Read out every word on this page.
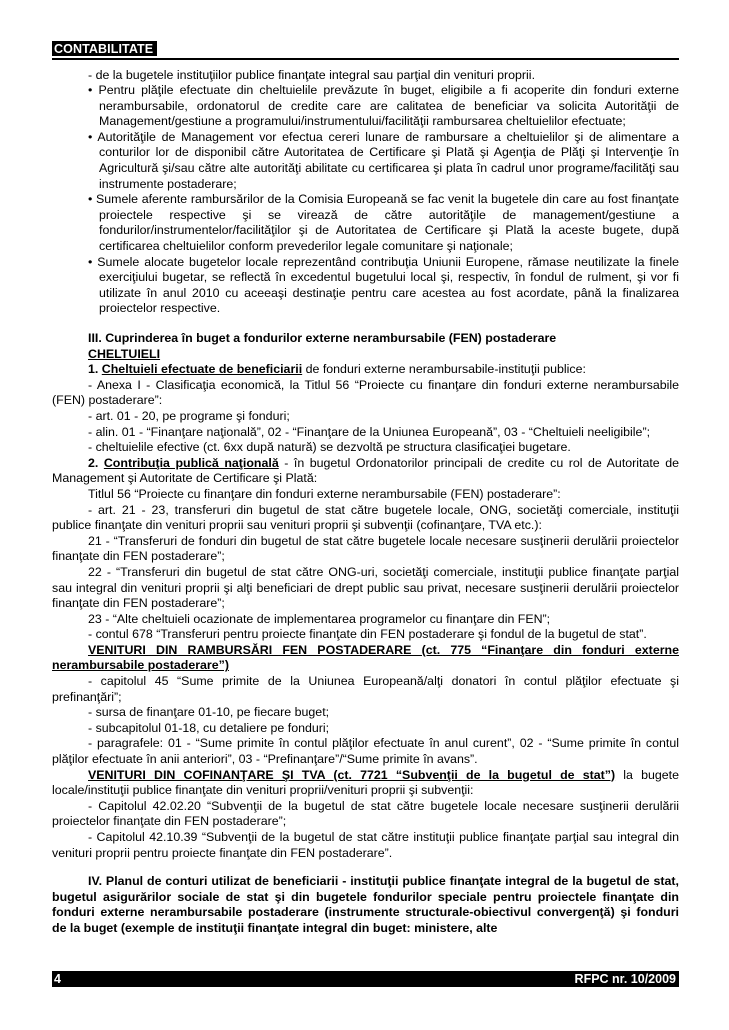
CONTABILITATE

- de la bugetele instituţiilor publice finanţate integral sau parţial din venituri proprii.

• Pentru plăţile efectuate din cheltuielile prevăzute în buget, eligibile a fi acoperite din fonduri externe nerambursabile, ordonatorul de credite care are calitatea de beneficiar va solicita Autorităţii de Management/gestiune a programului/instrumentului/facilităţii rambursarea cheltuielilor efectuate;

• Autorităţile de Management vor efectua cereri lunare de rambursare a cheltuielilor şi de alimentare a conturilor lor de disponibil către Autoritatea de Certificare şi Plată şi Agenţia de Plăţi şi Intervenţie în Agricultură şi/sau către alte autorităţi abilitate cu certificarea şi plata în cadrul unor programe/facilităţi sau instrumente postaderare;

• Sumele aferente rambursărilor de la Comisia Europeană se fac venit la bugetele din care au fost finanţate proiectele respective şi se virează de către autorităţile de management/gestiune a fondurilor/instrumentelor/facilităţilor şi de Autoritatea de Certificare şi Plată la aceste bugete, după certificarea cheltuielilor conform prevederilor legale comunitare şi naţionale;

• Sumele alocate bugetelor locale reprezentând contribuţia Uniunii Europene, rămase neutilizate la finele exerciţiului bugetar, se reflectă în excedentul bugetului local şi, respectiv, în fondul de rulment, şi vor fi utilizate în anul 2010 cu aceeaşi destinaţie pentru care acestea au fost acordate, până la finalizarea proiectelor respective.

III. Cuprinderea în buget a fondurilor externe nerambursabile (FEN) postaderare

CHELTUIELI

1. Cheltuieli efectuate de beneficiarii de fonduri externe nerambursabile-instituţii publice:

- Anexa I - Clasificaţia economică, la Titlul 56 “Proiecte cu finanţare din fonduri externe nerambursabile (FEN) postaderare”:

- art. 01 - 20, pe programe şi fonduri;

- alin. 01 - “Finanţare naţională”, 02 - “Finanţare de la Uniunea Europeană”, 03 - “Cheltuieli neeligibile”;

- cheltuielile efective (ct. 6xx după natură) se dezvoltă pe structura clasificaţiei bugetare.

2. Contribuţia publică naţională - în bugetul Ordonatorilor principali de credite cu rol de Autoritate de Management şi Autoritate de Certificare şi Plată:

Titlul 56 “Proiecte cu finanţare din fonduri externe nerambursabile (FEN) postaderare”:

- art. 21 - 23, transferuri din bugetul de stat către bugetele locale, ONG, societăţi comerciale, instituţii publice finanţate din venituri proprii sau venituri proprii şi subvenţii (cofinanţare, TVA etc.):

21 - “Transferuri de fonduri din bugetul de stat către bugetele locale necesare susţinerii derulării proiectelor finanţate din FEN postaderare”;

22 - “Transferuri din bugetul de stat către ONG-uri, societăţi comerciale, instituţii publice finanţate parţial sau integral din venituri proprii şi alţi beneficiari de drept public sau privat, necesare susţinerii derulării proiectelor finanţate din FEN postaderare”;

23 - “Alte cheltuieli ocazionate de implementarea programelor cu finanţare din FEN”;

- contul 678 “Transferuri pentru proiecte finanţate din FEN postaderare şi fondul de la bugetul de stat”.

VENITURI DIN RAMBURSĂRI FEN POSTADERARE (ct. 775 “Finanţare din fonduri externe nerambursabile postaderare”)

- capitolul 45 “Sume primite de la Uniunea Europeană/alţi donatori în contul plăţilor efectuate şi prefinanţări”;

- sursa de finanţare 01-10, pe fiecare buget;

- subcapitolul 01-18, cu detaliere pe fonduri;

- paragrafele: 01 - “Sume primite în contul plăţilor efectuate în anul curent”, 02 - “Sume primite în contul plăţilor efectuate în anii anteriori”, 03 - “Prefinanţare”/“Sume primite în avans”.

VENITURI DIN COFINANŢARE ŞI TVA (ct. 7721 “Subvenţii de la bugetul de stat”) la bugete locale/instituţii publice finanţate din venituri proprii/venituri proprii şi subvenţii:

- Capitolul 42.02.20 “Subvenţii de la bugetul de stat către bugetele locale necesare susţinerii derulării proiectelor finanţate din FEN postaderare”;

- Capitolul 42.10.39 “Subvenţii de la bugetul de stat către instituţii publice finanţate parţial sau integral din venituri proprii pentru proiecte finanţate din FEN postaderare”.

IV. Planul de conturi utilizat de beneficiarii - instituţii publice finanţate integral de la bugetul de stat, bugetul asigurărilor sociale de stat şi din bugetele fondurilor speciale pentru proiectele finanţate din fonduri externe nerambursabile postaderare (instrumente structurale-obiectivul convergenţă) şi fonduri de la buget (exemple de instituţii finanţate integral din buget: ministere, alte

4	RFPC nr. 10/2009
